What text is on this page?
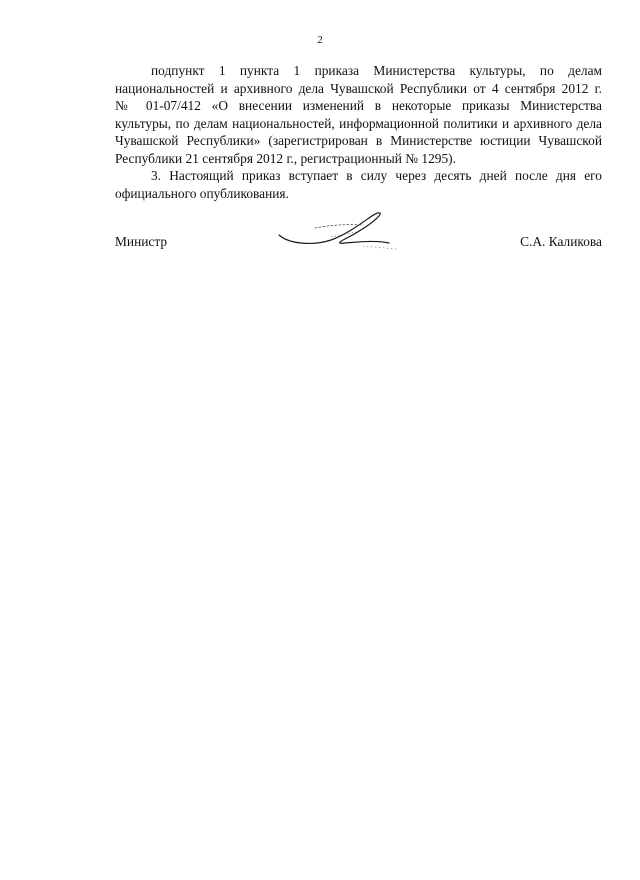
2

подпункт 1 пункта 1 приказа Министерства культуры, по делам
национальностей и архивного дела Чувашской Республики от 4 сентября 2012 г.
№ 01-07/412 «О внесении изменений в некоторые приказы Министерства
культуры, по делам национальностей, информационной политики и архивного дела
Чувашской Республики» (зарегистрирован в Министерстве юстиции Чувашской
Республики 21 сентября 2012 г., регистрационный № 1295).

3. Настоящий приказ вступает в силу через десять дней после дня его
официального опубликования.

Министр	С.А. Каликова
